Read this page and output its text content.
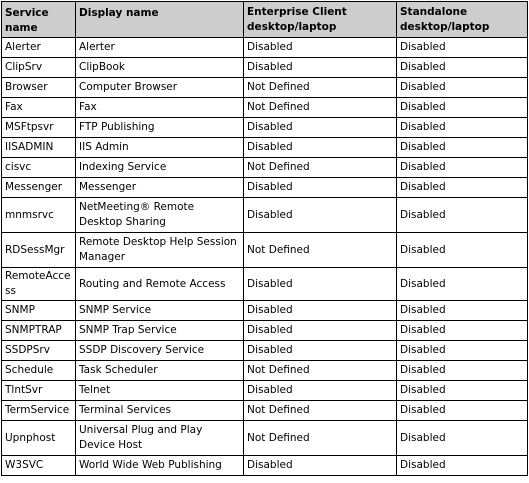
Service name	Display name	Enterprise Client desktop/laptop	Standalone desktop/laptop
Alerter	Alerter	Disabled	Disabled
ClipSrv	ClipBook	Disabled	Disabled
Browser	Computer Browser	Not Defined	Disabled
Fax	Fax	Not Defined	Disabled
MSFtpsvr	FTP Publishing	Disabled	Disabled
IISADMIN	IIS Admin	Disabled	Disabled
cisvc	Indexing Service	Not Defined	Disabled
Messenger	Messenger	Disabled	Disabled
mnmsrvc	NetMeeting® Remote Desktop Sharing	Disabled	Disabled
RDSessMgr	Remote Desktop Help Session Manager	Not Defined	Disabled
RemoteAccess	Routing and Remote Access	Disabled	Disabled
SNMP	SNMP Service	Disabled	Disabled
SNMPTRAP	SNMP Trap Service	Disabled	Disabled
SSDPSrv	SSDP Discovery Service	Disabled	Disabled
Schedule	Task Scheduler	Not Defined	Disabled
TlntSvr	Telnet	Disabled	Disabled
TermService	Terminal Services	Not Defined	Disabled
Upnphost	Universal Plug and Play Device Host	Not Defined	Disabled
W3SVC	World Wide Web Publishing	Disabled	Disabled
